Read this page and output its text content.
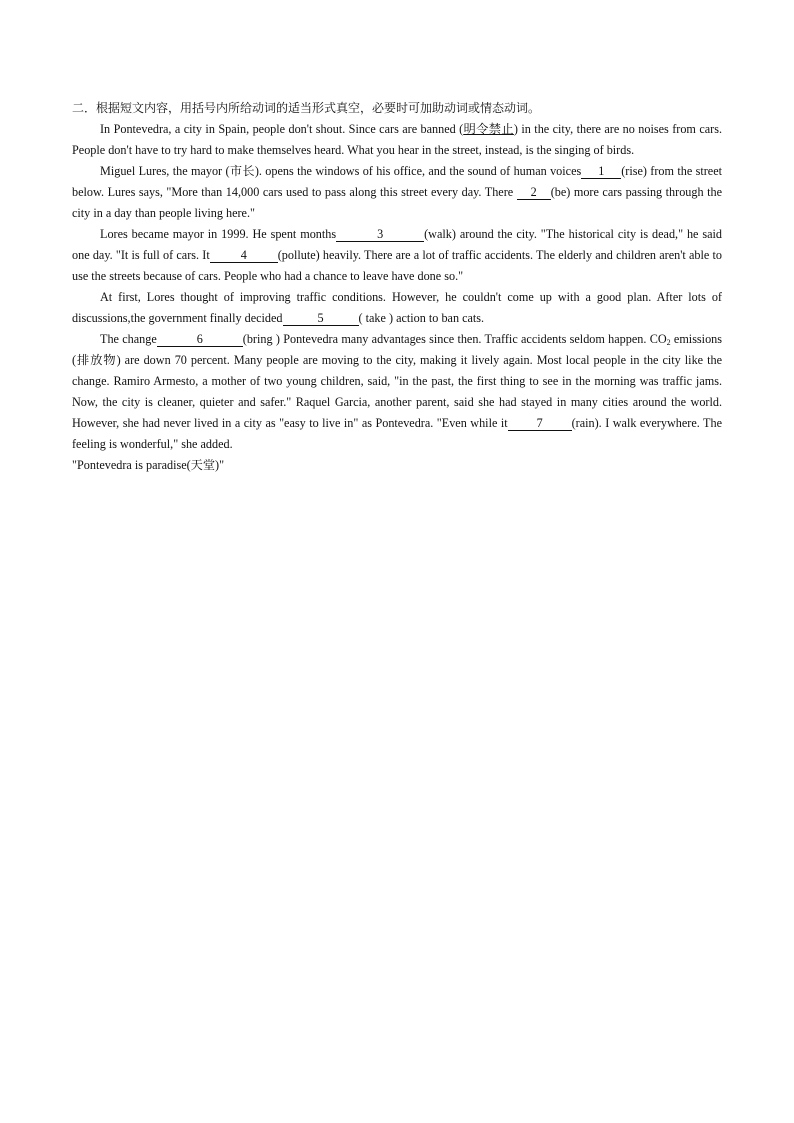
二．根据短文内容，用括号内所给动词的适当形式真空，必要时可加助动词或情态动词。

In Pontevedra, a city in Spain, people don't shout. Since cars are banned (明令禁止) in the city, there are no noises from cars. People don't have to try hard to make themselves heard. What you hear in the street, instead, is the singing of birds.

Miguel Lures, the mayor (市长). opens the windows of his office, and the sound of human voices 1 (rise) from the street below. Lures says, "More than 14,000 cars used to pass along this street every day. There 2 (be) more cars passing through the city in a day than people living here."

Lores became mayor in 1999. He spent months	3	(walk) around the city. "The historical city is dead," he said one day. "It is full of cars. It	4	(pollute) heavily. There are a lot of traffic accidents. The elderly and children aren't able to use the streets because of cars. People who had a chance to leave have done so."

At first, Lores thought of improving traffic conditions. However, he couldn't come up with a good plan. After lots of discussions,the government finally decided	5	( take ) action to ban cats.

The change	6	(bring ) Pontevedra many advantages since then. Traffic accidents seldom happen. $CO_2$ emissions (排放物) are down 70 percent. Many people are moving to the city, making it lively again. Most local people in the city like the change. Ramiro Armesto, a mother of two young children, said, "in the past, the first thing to see in the morning was traffic jams. Now, the city is cleaner, quieter and safer." Raquel Garcia, another parent, said she had stayed in many cities around the world. However, she had never lived in a city as "easy to live in" as Pontevedra. "Even while it 7 (rain). I walk everywhere. The feeling is wonderful," she added.

"Pontevedra is paradise(天堂)"
